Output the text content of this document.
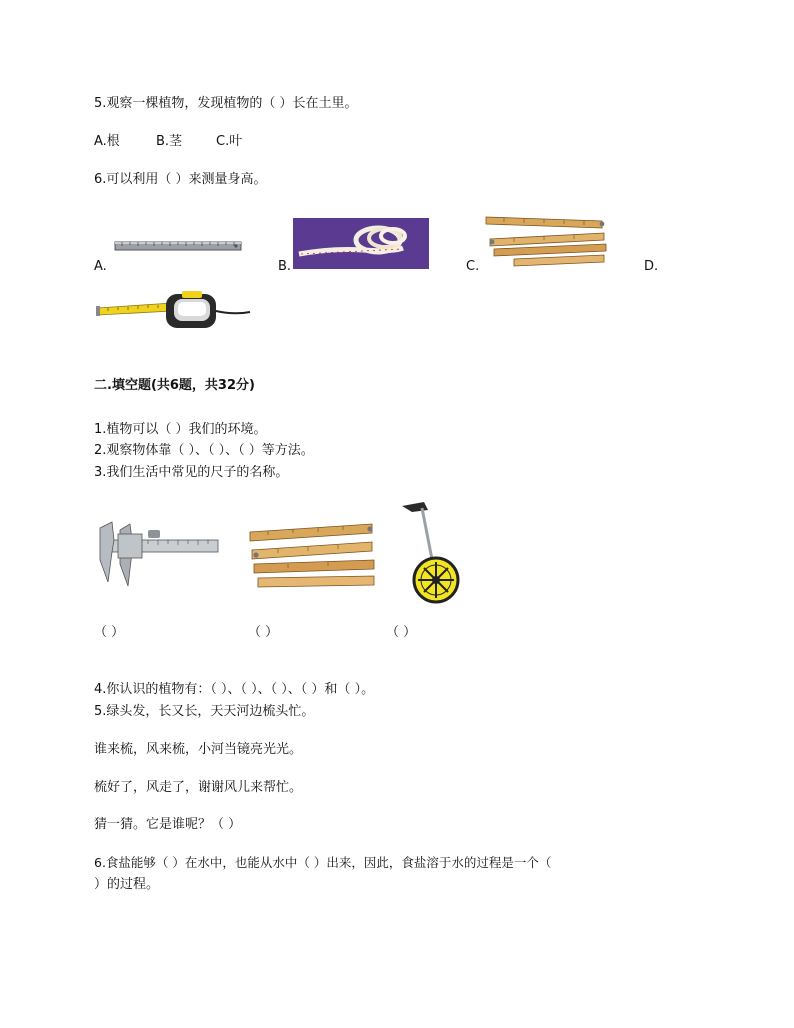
5.观察一棵植物，发现植物的（ ）长在土里。
A.根	B.茎	C.叶
6.可以利用（ ）来测量身高。
A.	B.	C.	D.
二.填空题(共6题，共32分)
1.植物可以（ ）我们的环境。
2.观察物体靠（ ）、（ ）、（ ）等方法。
3.我们生活中常见的尺子的名称。
（ ）	（ ）	（ ）
4.你认识的植物有：（ ）、（ ）、（ ）、（ ）和（ ）。
5.绿头发，长又长，天天河边梳头忙。
谁来梳，风来梳，小河当镜亮光光。
梳好了，风走了，谢谢风儿来帮忙。
猜一猜。它是谁呢？（ ）
6.食盐能够（ ）在水中，也能从水中（ ）出来，因此，食盐溶于水的过程是一个（
）的过程。
